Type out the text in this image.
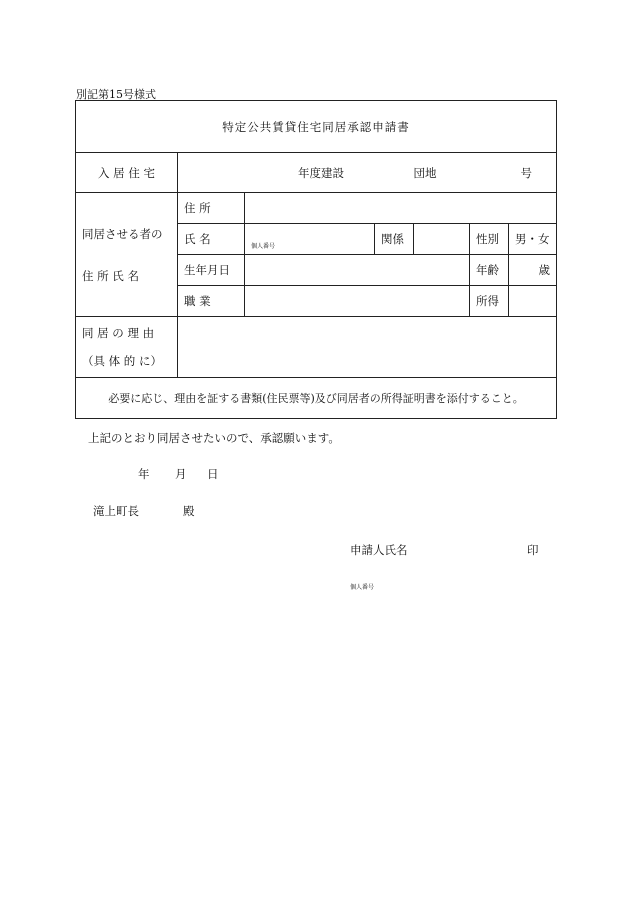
別記第15号様式
特定公共賃貸住宅同居承認申請書						
入 居 住 宅	年度建設 団地 号					

同居させる者の
住 所 氏 名	住 所					
	氏 名	$_{個人番号}$	関係		性別	男・女
	生年月日				年齢	歳
	職 業				所得	

同 居 の 理 由
（具 体 的 に）						

必要に応じ、理由を証する書類(住民票等)及び同居者の所得証明書を添付すること。						
上記のとおり同居させたいので、承認願います。
年 月 日
滝上町長	殿
申請人氏名	印
個人番号
